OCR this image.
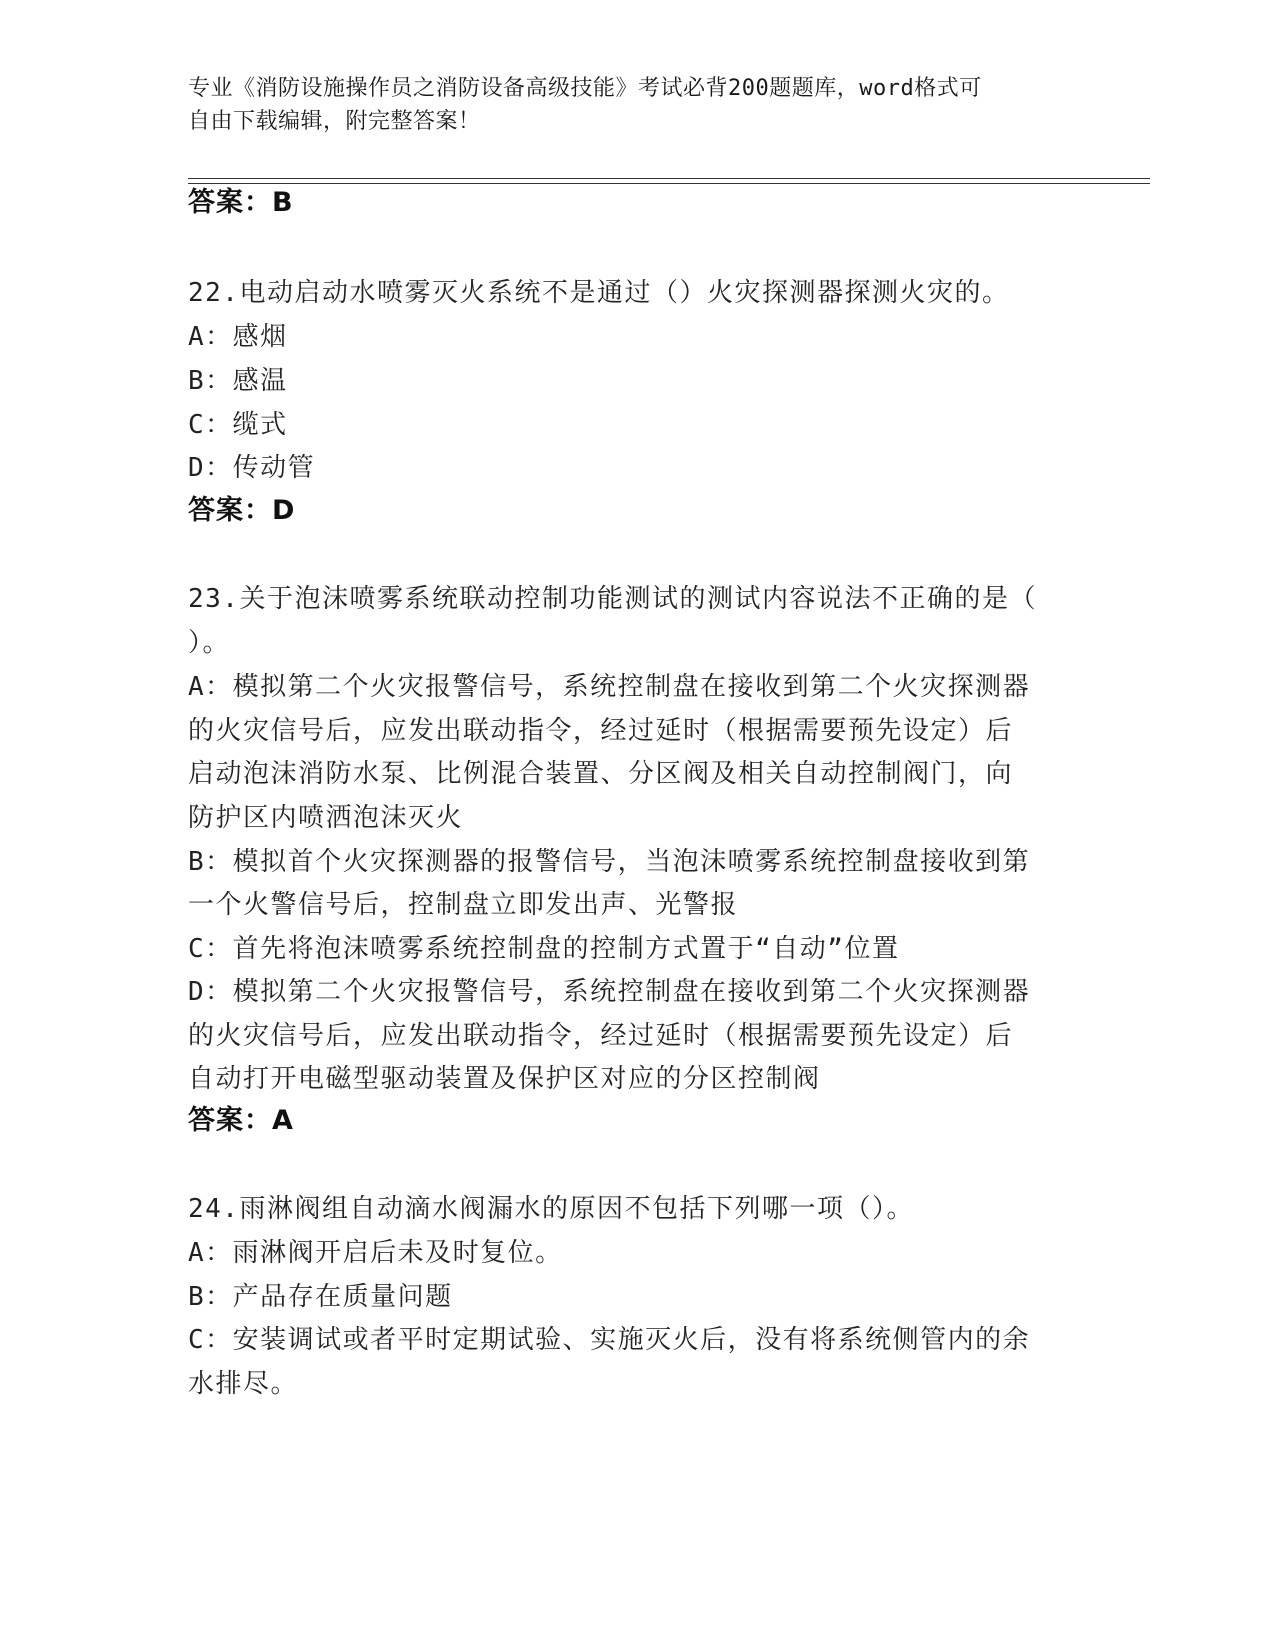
专业《消防设施操作员之消防设备高级技能》考试必背200题题库，word格式可
自由下载编辑，附完整答案！
答案：B
22.电动启动水喷雾灭火系统不是通过（）火灾探测器探测火灾的。
A：感烟
B：感温
C：缆式
D：传动管
答案：D
23.关于泡沫喷雾系统联动控制功能测试的测试内容说法不正确的是（
）。
A：模拟第二个火灾报警信号，系统控制盘在接收到第二个火灾探测器
的火灾信号后，应发出联动指令，经过延时（根据需要预先设定）后
启动泡沫消防水泵、比例混合装置、分区阀及相关自动控制阀门，向
防护区内喷洒泡沫灭火
B：模拟首个火灾探测器的报警信号，当泡沫喷雾系统控制盘接收到第
一个火警信号后，控制盘立即发出声、光警报
C：首先将泡沫喷雾系统控制盘的控制方式置于“自动”位置
D：模拟第二个火灾报警信号，系统控制盘在接收到第二个火灾探测器
的火灾信号后，应发出联动指令，经过延时（根据需要预先设定）后
自动打开电磁型驱动装置及保护区对应的分区控制阀
答案：A
24.雨淋阀组自动滴水阀漏水的原因不包括下列哪一项（）。
A：雨淋阀开启后未及时复位。
B：产品存在质量问题
C：安装调试或者平时定期试验、实施灭火后，没有将系统侧管内的余
水排尽。
